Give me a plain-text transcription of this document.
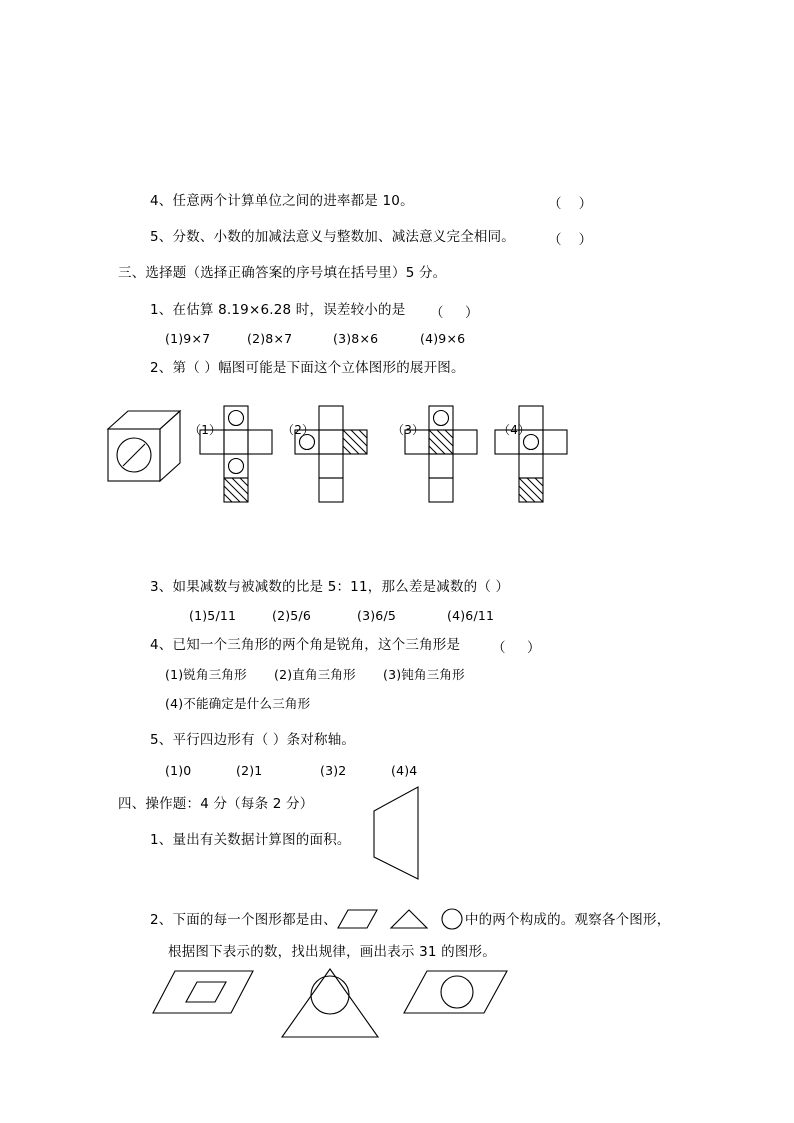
4、任意两个计算单位之间的进率都是 10。	（    ）
5、分数、小数的加减法意义与整数加、减法意义完全相同。 （    ）
三、选择题（选择正确答案的序号填在括号里）5 分。
1、在估算 8.19×6.28 时，误差较小的是 （     ）
(1)9×7	(2)8×7	(3)8×6	(4)9×6
2、第（ ）幅图可能是下面这个立体图形的展开图。
（1）	（2）	（3）	（4）
3、如果减数与被减数的比是 5：11，那么差是减数的（ ）
(1)5/11	(2)5/6	(3)6/5	(4)6/11
4、已知一个三角形的两个角是锐角，这个三角形是 （     ）
(1)锐角三角形 (2)直角三角形 (3)钝角三角形
(4)不能确定是什么三角形
5、平行四边形有（ ）条对称轴。
(1)0	(2)1	(3)2	(4)4
四、操作题：4 分（每条 2 分）
1、量出有关数据计算图的面积。
2、下面的每一个图形都是由、	中的两个构成的。观察各个图形，
根据图下表示的数，找出规律，画出表示 31 的图形。
